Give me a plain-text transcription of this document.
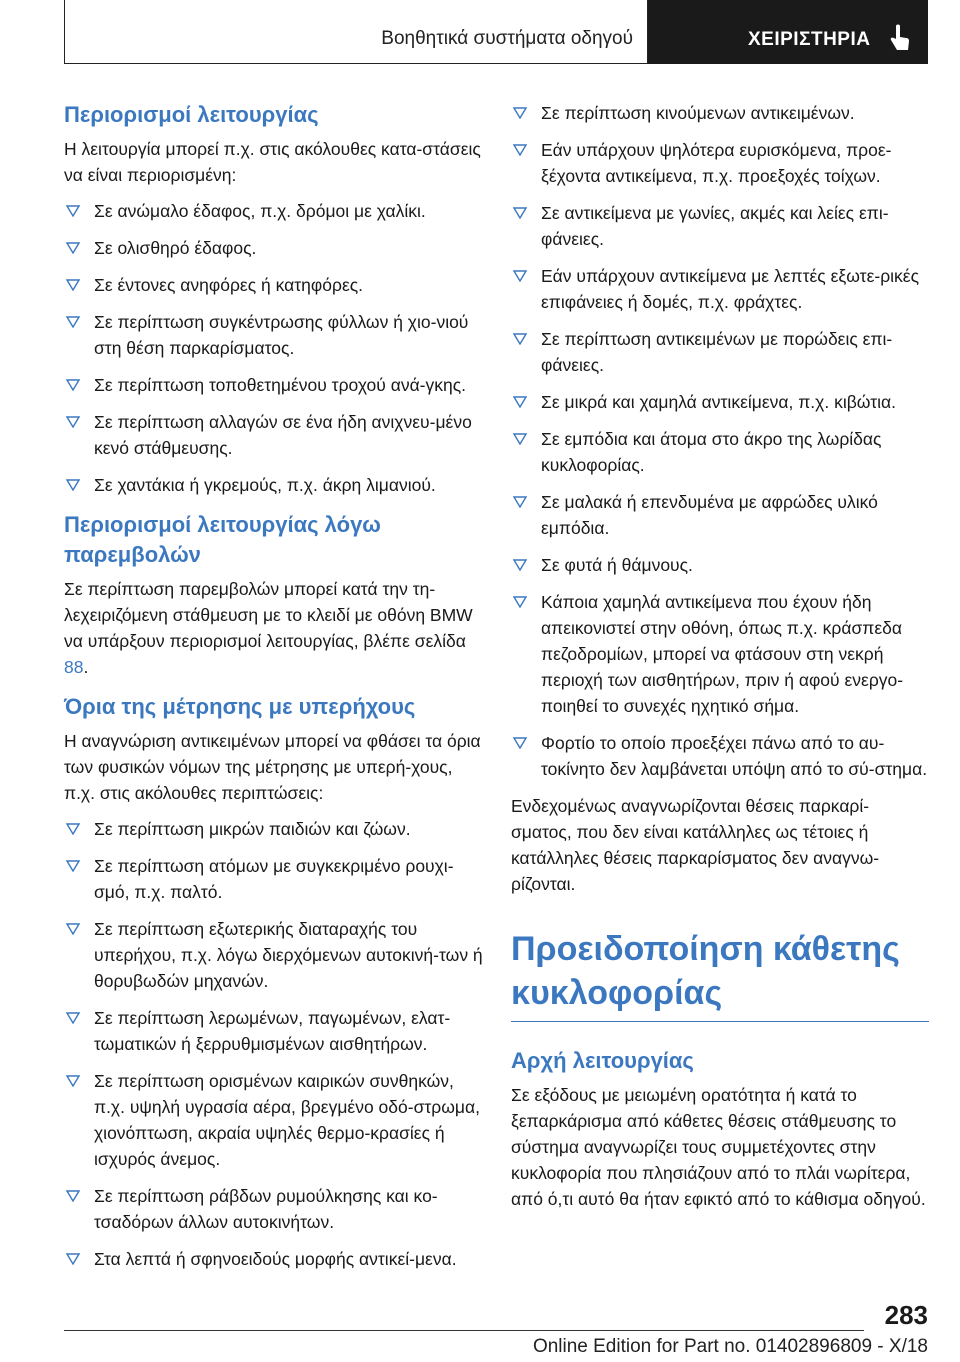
Βοηθητικά συστήματα οδηγού	ΧΕΙΡΙΣΤΗΡΙΑ
Περιορισμοί λειτουργίας

Η λειτουργία μπορεί π.χ. στις ακόλουθες κατα‐στάσεις να είναι περιορισμένη:

Σε ανώμαλο έδαφος, π.χ. δρόμοι με χαλίκι.
Σε ολισθηρό έδαφος.
Σε έντονες ανηφόρες ή κατηφόρες.
Σε περίπτωση συγκέντρωσης φύλλων ή χιο‐νιού στη θέση παρκαρίσματος.
Σε περίπτωση τοποθετημένου τροχού ανά‐γκης.
Σε περίπτωση αλλαγών σε ένα ήδη ανιχνευ‐μένο κενό στάθμευσης.
Σε χαντάκια ή γκρεμούς, π.χ. άκρη λιμανιού.
Περιορισμοί λειτουργίας λόγω παρεμβολών

Σε περίπτωση παρεμβολών μπορεί κατά την τη‐λεχειριζόμενη στάθμευση με το κλειδί με οθόνη BMW να υπάρξουν περιορισμοί λειτουργίας, βλέπε σελίδα 88.

Όρια της μέτρησης με υπερήχους

Η αναγνώριση αντικειμένων μπορεί να φθάσει τα όρια των φυσικών νόμων της μέτρησης με υπερή‐χους, π.χ. στις ακόλουθες περιπτώσεις:

Σε περίπτωση μικρών παιδιών και ζώων.
Σε περίπτωση ατόμων με συγκεκριμένο ρουχι‐σμό, π.χ. παλτό.
Σε περίπτωση εξωτερικής διαταραχής του υπερήχου, π.χ. λόγω διερχόμενων αυτοκινή‐των ή θορυβωδών μηχανών.
Σε περίπτωση λερωμένων, παγωμένων, ελατ‐τωματικών ή ξερρυθμισμένων αισθητήρων.
Σε περίπτωση ορισμένων καιρικών συνθηκών, π.χ. υψηλή υγρασία αέρα, βρεγμένο οδό‐στρωμα, χιονόπτωση, ακραία υψηλές θερμο‐κρασίες ή ισχυρός άνεμος.
Σε περίπτωση ράβδων ρυμούλκησης και κο‐τσαδόρων άλλων αυτοκινήτων.
Στα λεπτά ή σφηνοειδούς μορφής αντικεί‐μενα.
Σε περίπτωση κινούμενων αντικειμένων.
Εάν υπάρχουν ψηλότερα ευρισκόμενα, προε‐ξέχοντα αντικείμενα, π.χ. προεξοχές τοίχων.
Σε αντικείμενα με γωνίες, ακμές και λείες επι‐φάνειες.
Εάν υπάρχουν αντικείμενα με λεπτές εξωτε‐ρικές επιφάνειες ή δομές, π.χ. φράχτες.
Σε περίπτωση αντικειμένων με πορώδεις επι‐φάνειες.
Σε μικρά και χαμηλά αντικείμενα, π.χ. κιβώτια.
Σε εμπόδια και άτομα στο άκρο της λωρίδας κυκλοφορίας.
Σε μαλακά ή επενδυμένα με αφρώδες υλικό εμπόδια.
Σε φυτά ή θάμνους.
Κάποια χαμηλά αντικείμενα που έχουν ήδη απεικονιστεί στην οθόνη, όπως π.χ. κράσπεδα πεζοδρομίων, μπορεί να φτάσουν στη νεκρή περιοχή των αισθητήρων, πριν ή αφού ενεργο‐ποιηθεί το συνεχές ηχητικό σήμα.
Φορτίο το οποίο προεξέχει πάνω από το αυ‐τοκίνητο δεν λαμβάνεται υπόψη από το σύ‐στημα.

Ενδεχομένως αναγνωρίζονται θέσεις παρκαρί‐σματος, που δεν είναι κατάλληλες ως τέτοιες ή κατάλληλες θέσεις παρκαρίσματος δεν αναγνω‐ρίζονται.

Προειδοποίηση κάθετης κυκλοφορίας
Αρχή λειτουργίας

Σε εξόδους με μειωμένη ορατότητα ή κατά το ξεπαρκάρισμα από κάθετες θέσεις στάθμευσης το σύστημα αναγνωρίζει τους συμμετέχοντες στην κυκλοφορία που πλησιάζουν από το πλάι νωρίτερα, από ό,τι αυτό θα ήταν εφικτό από το κάθισμα οδηγού.

283
Online Edition for Part no. 01402896809 - X/18
